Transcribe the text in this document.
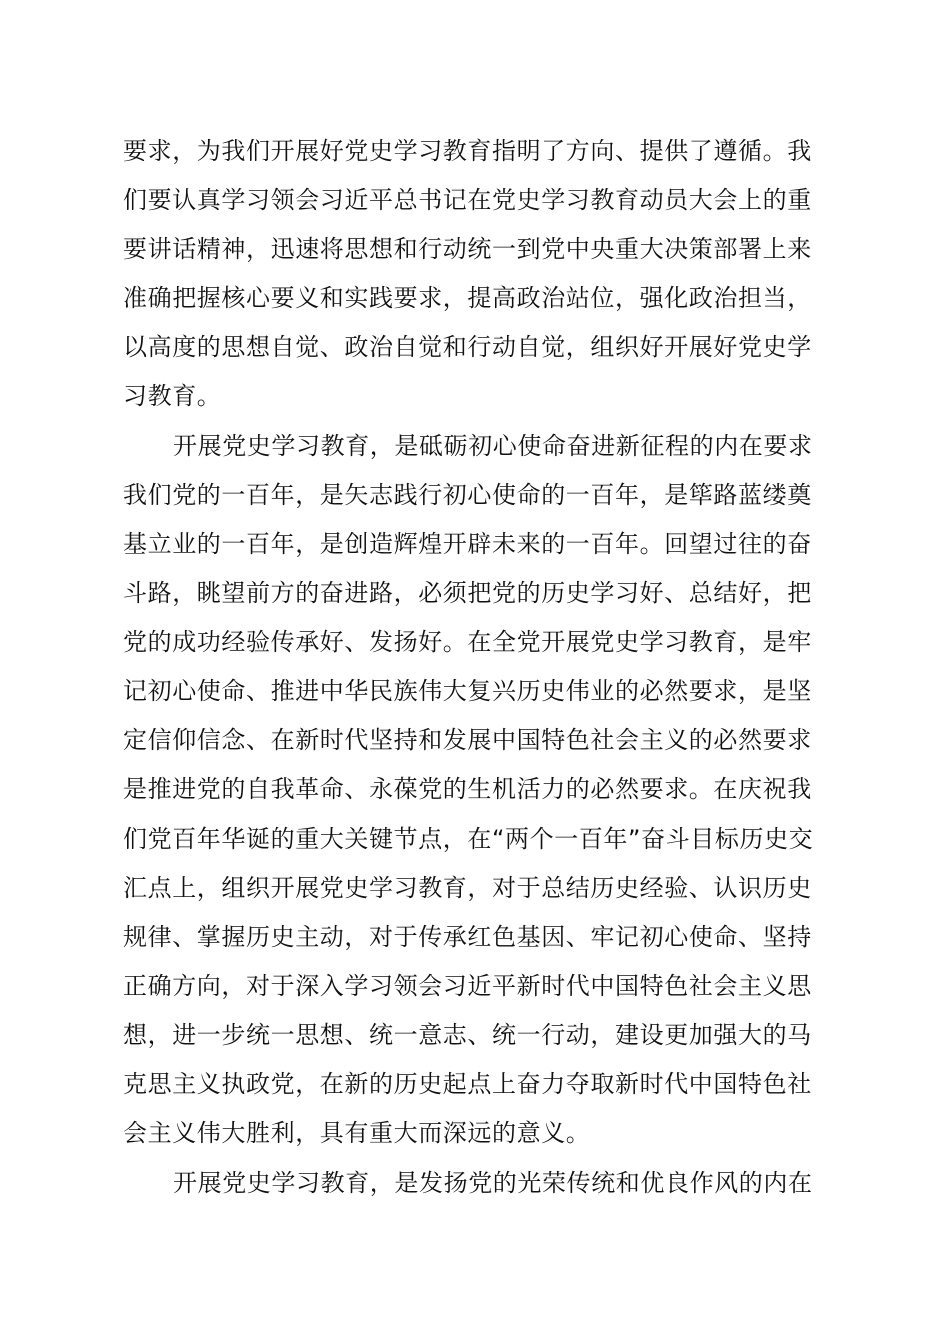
要求，为我们开展好党史学习教育指明了方向、提供了遵循。我
们要认真学习领会习近平总书记在党史学习教育动员大会上的重
要讲话精神，迅速将思想和行动统一到党中央重大决策部署上来
准确把握核心要义和实践要求，提高政治站位，强化政治担当，
以高度的思想自觉、政治自觉和行动自觉，组织好开展好党史学
习教育。
开展党史学习教育，是砥砺初心使命奋进新征程的内在要求
我们党的一百年，是矢志践行初心使命的一百年，是筚路蓝缕奠
基立业的一百年，是创造辉煌开辟未来的一百年。回望过往的奋
斗路，眺望前方的奋进路，必须把党的历史学习好、总结好，把
党的成功经验传承好、发扬好。在全党开展党史学习教育，是牢
记初心使命、推进中华民族伟大复兴历史伟业的必然要求，是坚
定信仰信念、在新时代坚持和发展中国特色社会主义的必然要求
是推进党的自我革命、永葆党的生机活力的必然要求。在庆祝我
们党百年华诞的重大关键节点，在“两个一百年”奋斗目标历史交
汇点上，组织开展党史学习教育，对于总结历史经验、认识历史
规律、掌握历史主动，对于传承红色基因、牢记初心使命、坚持
正确方向，对于深入学习领会习近平新时代中国特色社会主义思
想，进一步统一思想、统一意志、统一行动，建设更加强大的马
克思主义执政党，在新的历史起点上奋力夺取新时代中国特色社
会主义伟大胜利，具有重大而深远的意义。
开展党史学习教育，是发扬党的光荣传统和优良作风的内在
